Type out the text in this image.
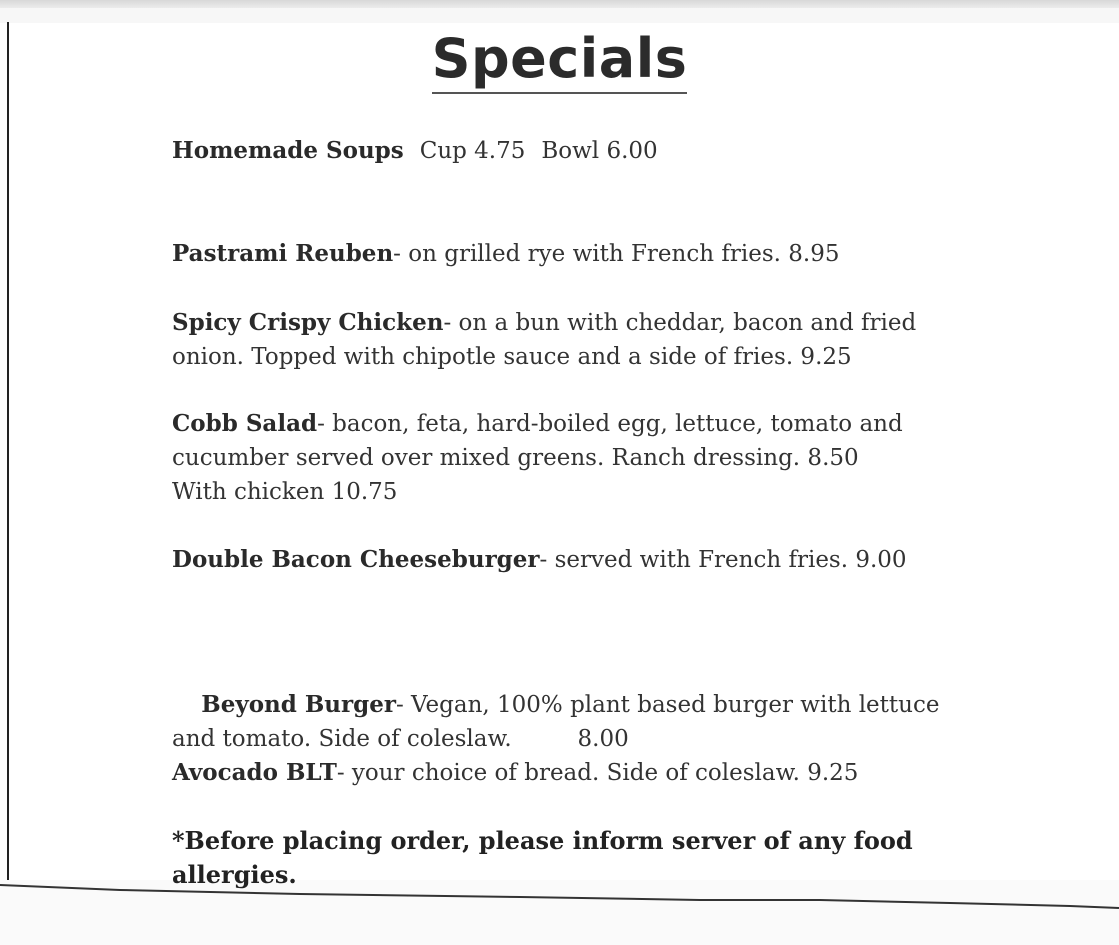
Specials

Homemade Soups Cup 4.75 Bowl 6.00

Pastrami Reuben- on grilled rye with French fries. 8.95

Spicy Crispy Chicken- on a bun with cheddar, bacon and fried onion. Topped with chipotle sauce and a side of fries. 9.25

Cobb Salad- bacon, feta, hard-boiled egg, lettuce, tomato and cucumber served over mixed greens. Ranch dressing. 8.50
With chicken 10.75

Double Bacon Cheeseburger- served with French fries. 9.00

Beyond Burger- Vegan, 100% plant based burger with lettuce and tomato. Side of coleslaw.         8.00

Avocado BLT- your choice of bread. Side of coleslaw. 9.25

*Before placing order, please inform server of any food allergies.
